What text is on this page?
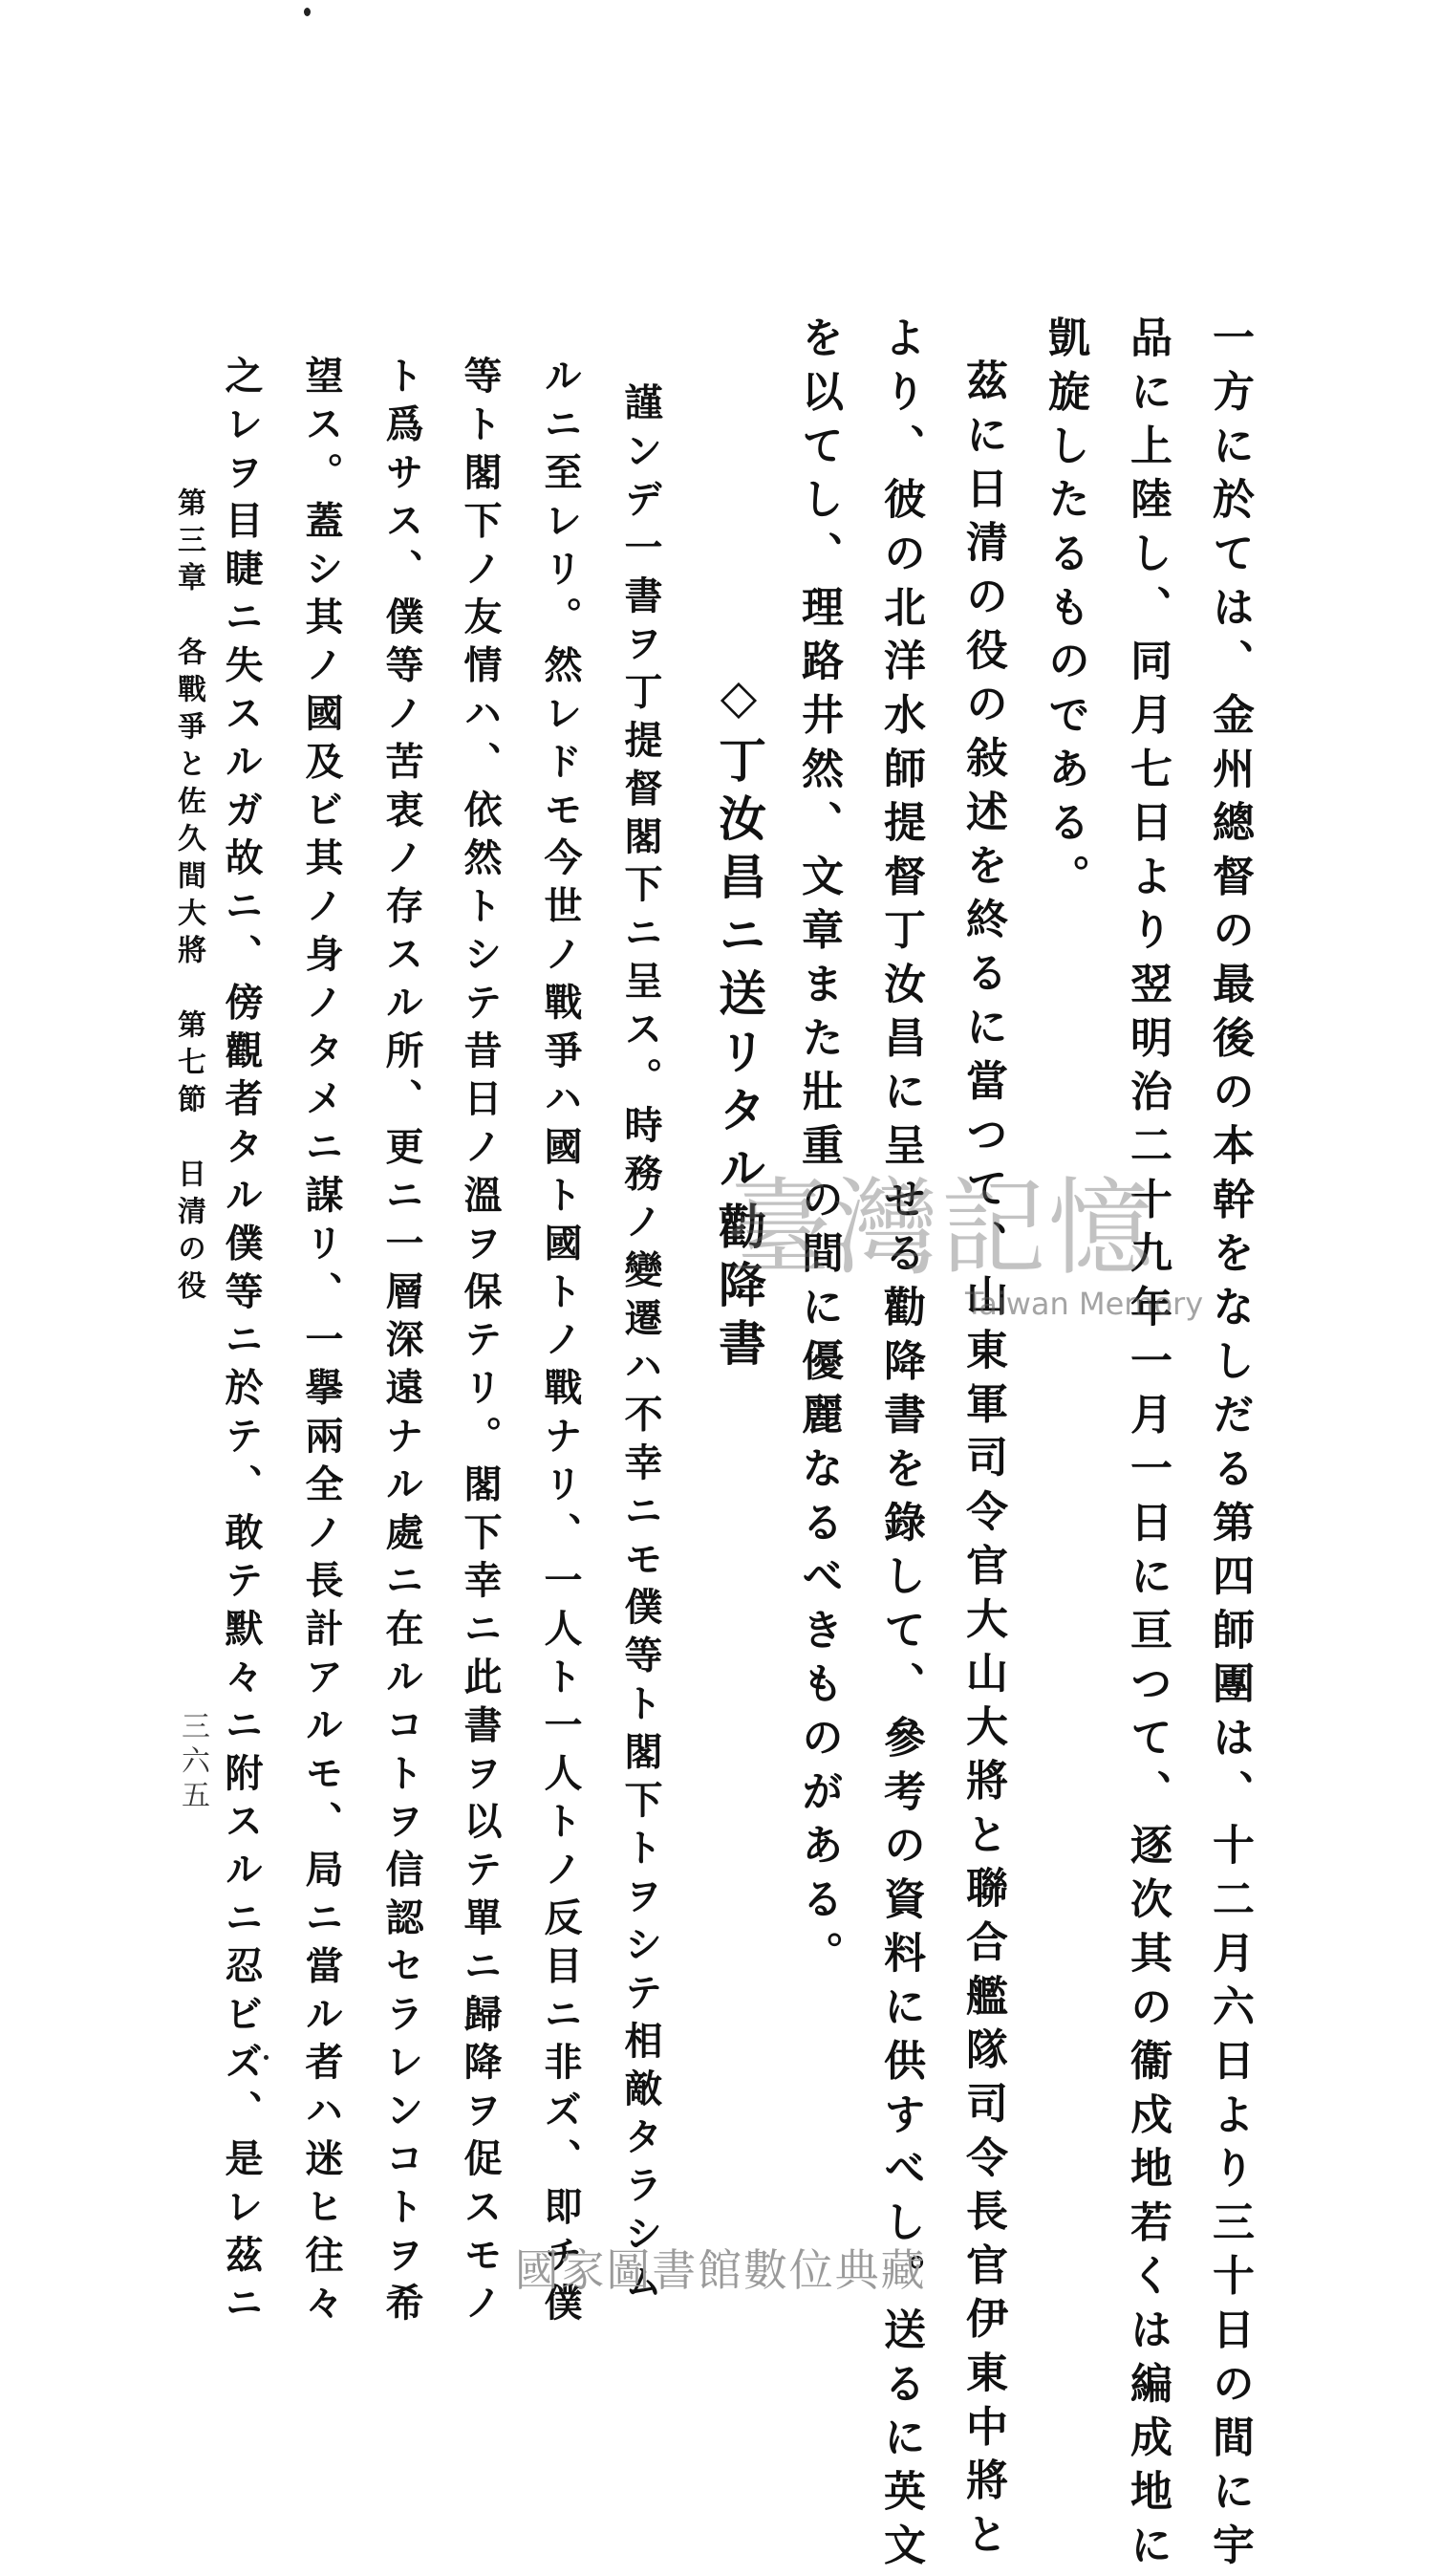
一方に於ては、金州總督の最後の本幹をなしだる第四師團は、十二月六日より三十日の間に宇
品に上陸し、同月七日より翌明治二十九年一月一日に亘つて、逐次其の衞戍地若くは編成地に
凱旋したるものである。
茲に日清の役の敍述を終るに當つて、山東軍司令官大山大將と聯合艦隊司令長官伊東中將と
より、彼の北洋水師提督丁汝昌に呈せる勸降書を錄して、參考の資料に供すべし。送るに英文
を以てし、理路井然、文章また壯重の間に優麗なるべきものがある。
◇丁汝昌ニ送リタル勸降書
謹ンデ一書ヲ丁提督閣下ニ呈ス。時務ノ變遷ハ不幸ニモ僕等ト閣下トヲシテ相敵タラシム
ルニ至レリ。然レドモ今世ノ戰爭ハ國ト國トノ戰ナリ、一人ト一人トノ反目ニ非ズ、即チ僕
等ト閣下ノ友情ハ、依然トシテ昔日ノ溫ヲ保テリ。閣下幸ニ此書ヲ以テ單ニ歸降ヲ促スモノ
ト爲サス、僕等ノ苦衷ノ存スル所、更ニ一層深遠ナル處ニ在ルコトヲ信認セラレンコトヲ希
望ス。蓋シ其ノ國及ビ其ノ身ノタメニ謀リ、一擧兩全ノ長計アルモ、局ニ當ル者ハ迷ヒ往々
之レヲ目睫ニ失スルガ故ニ、傍觀者タル僕等ニ於テ、敢テ默々ニ附スルニ忍ビズ、是レ茲ニ
第三章　各戰爭と佐久間大將　第七節　日清の役
三六五
臺灣記憶
Taiwan Memory
國家圖書館數位典藏
